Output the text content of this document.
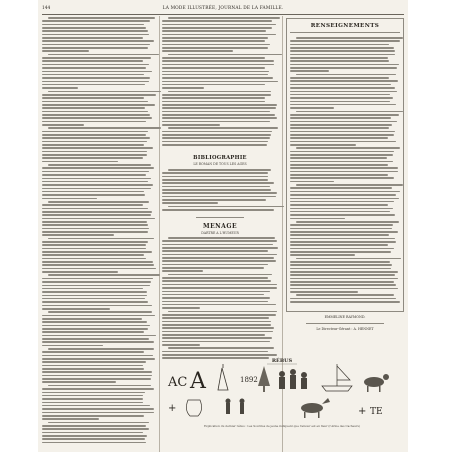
144	LA MODE ILLUSTRÉE, JOURNAL DE LA FAMILLE.
BIBLIOGRAPHIE
LE ROMAN DE TOUS LES ÂGES
MÉNAGE
DARTRE À L'HUMEUR
RENSEIGNEMENTS
EMMELINE RAYMOND.
Le Directeur-Gérant : A. HENNET
RÉBUS
AC A	1892
+	+ TE
Explication du dernier rébus : Les Sourires de jeune indiquent que l'amour est en fleur (l'Arme des Cacheurs)
